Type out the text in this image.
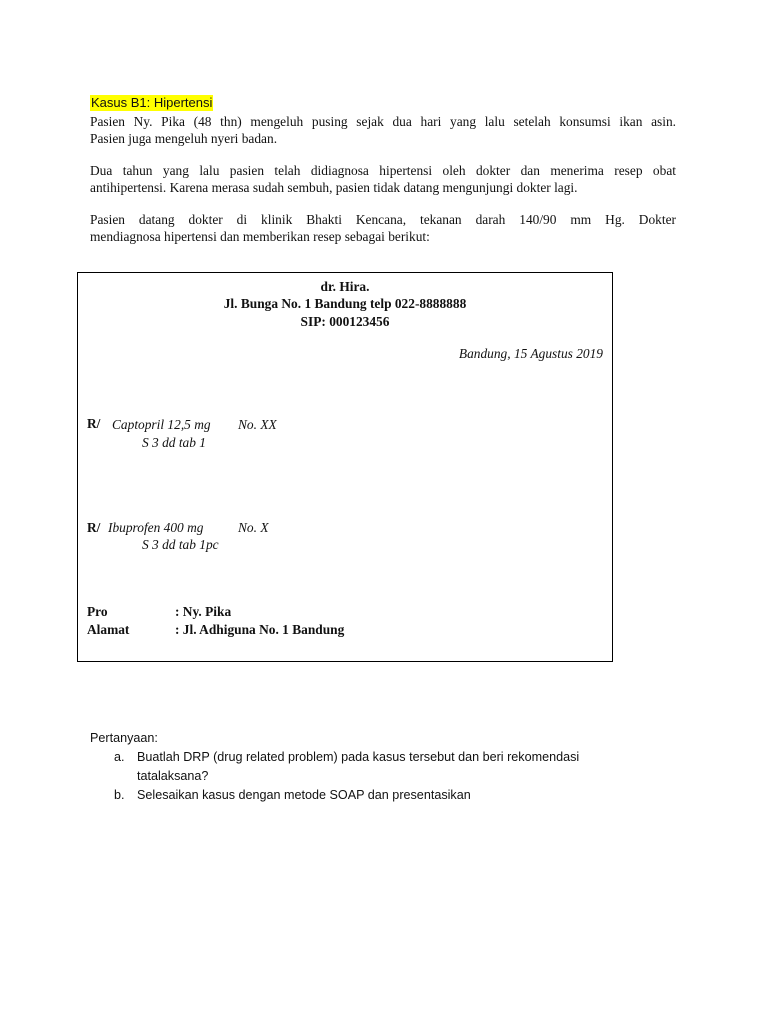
Kasus B1: Hipertensi
Pasien Ny. Pika (48 thn) mengeluh pusing sejak dua hari yang lalu setelah konsumsi ikan asin.
Pasien juga mengeluh nyeri badan.
Dua tahun yang lalu pasien telah didiagnosa hipertensi oleh dokter dan menerima resep obat
antihipertensi. Karena merasa sudah sembuh, pasien tidak datang mengunjungi dokter lagi.
Pasien datang dokter di klinik Bhakti Kencana, tekanan darah 140/90 mm Hg. Dokter
mendiagnosa hipertensi dan memberikan resep sebagai berikut:
dr. Hira.
Jl. Bunga No. 1 Bandung telp 022-8888888
SIP: 000123456
Bandung, 15 Agustus 2019
R/ Captopril 12,5 mg No. XX
S 3 dd tab 1
R/ Ibuprofen 400 mg	No. X
S 3 dd tab 1pc
Pro	: Ny. Pika
Alamat	: Jl. Adhiguna No. 1 Bandung
Pertanyaan:
a. Buatlah DRP (drug related problem) pada kasus tersebut dan beri rekomendasi
tatalaksana?
b. Selesaikan kasus dengan metode SOAP dan presentasikan
